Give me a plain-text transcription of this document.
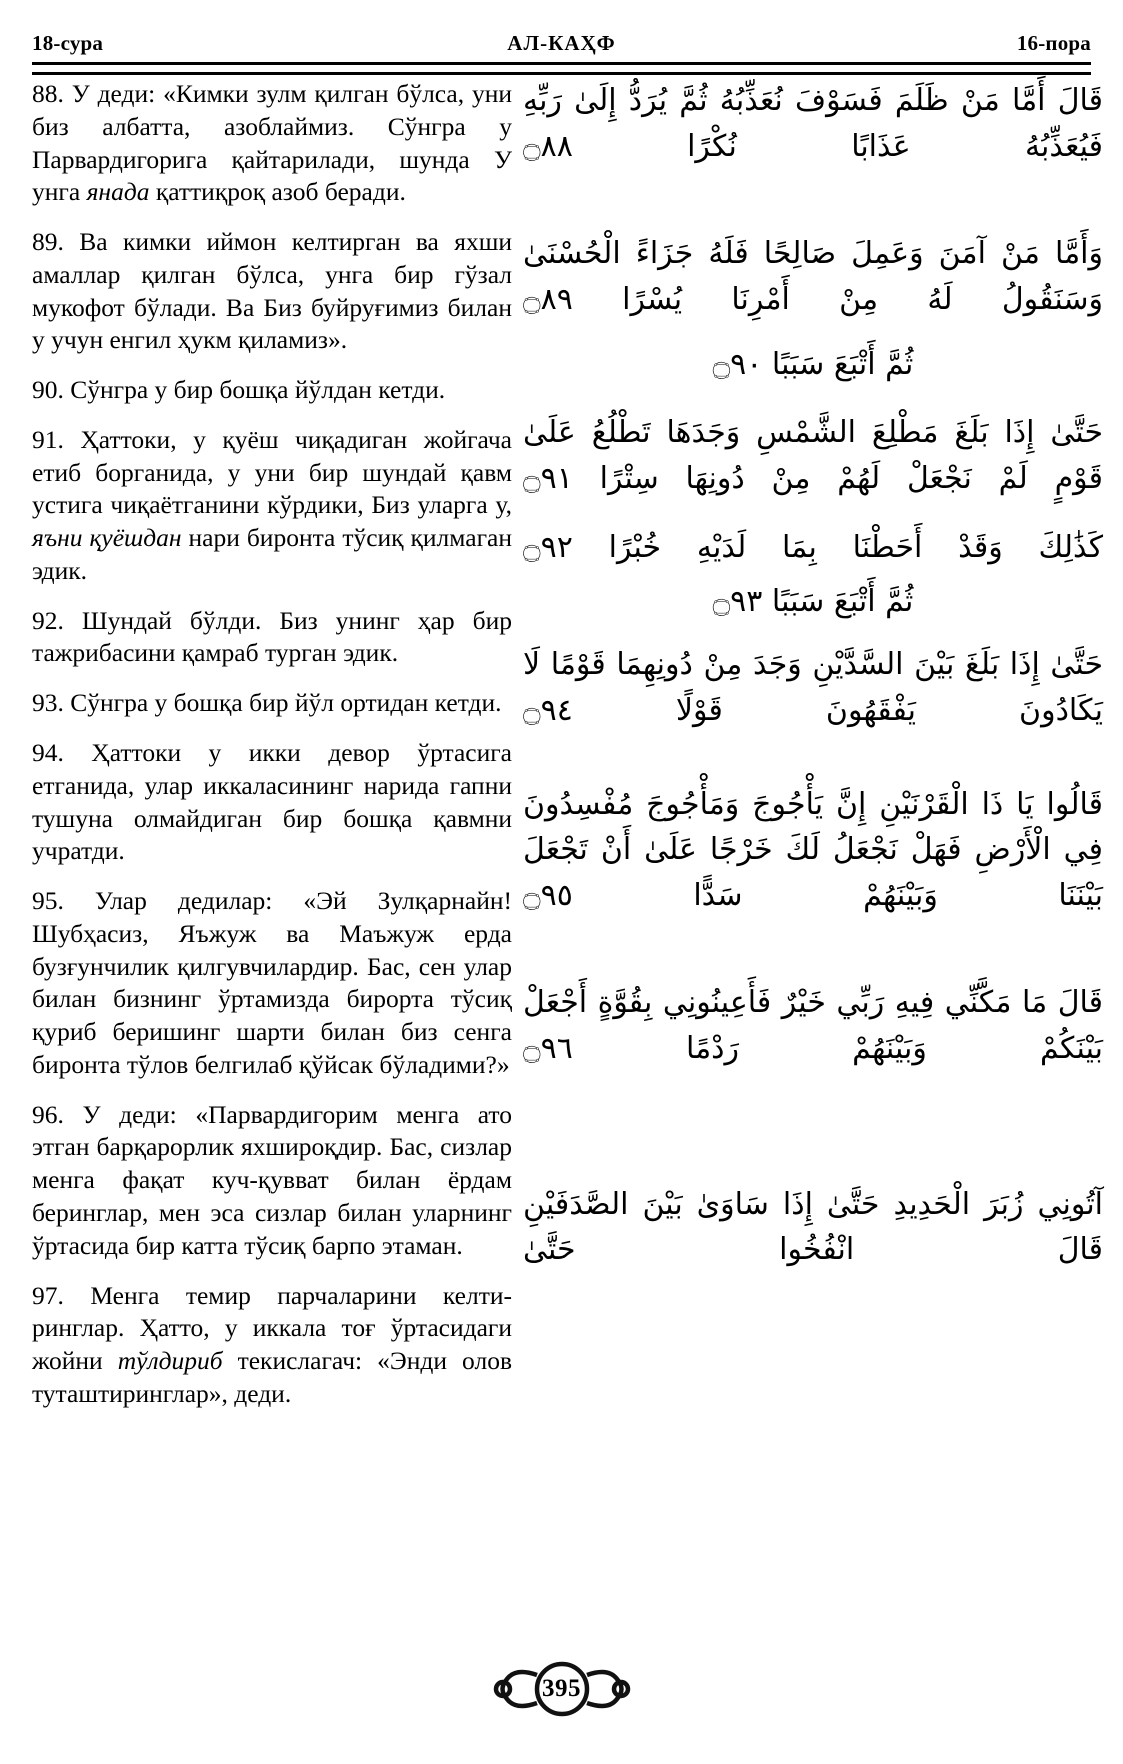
18-сура	АЛ-КАҲФ	16-пора

88. У деди: «Кимки зулм қилган бўлса, уни биз албатта, азоблаймиз. Сўнгра у Парвардигорига қайтарилади, шунда У унга янада қаттиқроқ азоб беради.

89. Ва кимки иймон келтирган ва яхши амаллар қилган бўлса, унга бир гўзал мукофот бўлади. Ва Биз буйруғимиз билан у учун енгил ҳукм қиламиз».

90. Сўнгра у бир бошқа йўлдан кетди.

91. Ҳаттоки, у қуёш чиқадиган жойгача етиб борганида, у уни бир шундай қавм устига чиқаётганини кўрдики, Биз уларга у, яъни қуёшдан нари биронта тўсиқ қилмаган эдик.

92. Шундай бўлди. Биз унинг ҳар бир тажрибасини қамраб турган эдик.

93. Сўнгра у бошқа бир йўл ортидан кетди.

94. Ҳаттоки у икки девор ўртасига етганида, улар иккаласининг нарида гапни тушуна олмайдиган бир бошқа қавмни учратди.

95. Улар дедилар: «Эй Зулқарнайн! Шубҳасиз, Яъжуж ва Маъжуж ерда бузғунчилик қилгувчилардир. Бас, сен улар билан бизнинг ўртамизда бирорта тўсиқ қуриб беришинг шарти билан биз сенга биронта тўлов белгилаб қўйсак бўладими?»

96. У деди: «Парвардигорим менга ато этган барқарорлик яхшироқдир. Бас, сизлар менга фақат куч-қувват билан ёрдам беринглар, мен эса сизлар билан уларнинг ўртасида бир катта тўсиқ барпо этаман.

97. Менга темир парчаларини келтиринглар. Ҳатто, у иккала тоғ ўртасидаги жойни тўлдириб текислагач: «Энди олов туташтиринглар», деди.

قَالَ أَمَّا مَنْ ظَلَمَ فَسَوْفَ نُعَذِّبُهُ ثُمَّ يُرَدُّ إِلَىٰ رَبِّهِ فَيُعَذِّبُهُ عَذَابًا نُكْرًا ۝٨٨

وَأَمَّا مَنْ آمَنَ وَعَمِلَ صَالِحًا فَلَهُ جَزَاءً الْحُسْنَىٰ وَسَنَقُولُ لَهُ مِنْ أَمْرِنَا يُسْرًا ۝٨٩

ثُمَّ أَتْبَعَ سَبَبًا ۝٩٠

حَتَّىٰ إِذَا بَلَغَ مَطْلِعَ الشَّمْسِ وَجَدَهَا تَطْلُعُ عَلَىٰ قَوْمٍ لَمْ نَجْعَلْ لَهُمْ مِنْ دُونِهَا سِتْرًا ۝٩١

كَذَٰلِكَ وَقَدْ أَحَطْنَا بِمَا لَدَيْهِ خُبْرًا ۝٩٢

ثُمَّ أَتْبَعَ سَبَبًا ۝٩٣

حَتَّىٰ إِذَا بَلَغَ بَيْنَ السَّدَّيْنِ وَجَدَ مِنْ دُونِهِمَا قَوْمًا لَا يَكَادُونَ يَفْقَهُونَ قَوْلًا ۝٩٤

قَالُوا يَا ذَا الْقَرْنَيْنِ إِنَّ يَأْجُوجَ وَمَأْجُوجَ مُفْسِدُونَ فِي الْأَرْضِ فَهَلْ نَجْعَلُ لَكَ خَرْجًا عَلَىٰ أَنْ تَجْعَلَ بَيْنَنَا وَبَيْنَهُمْ سَدًّا ۝٩٥

قَالَ مَا مَكَّنِّي فِيهِ رَبِّي خَيْرٌ فَأَعِينُونِي بِقُوَّةٍ أَجْعَلْ بَيْنَكُمْ وَبَيْنَهُمْ رَدْمًا ۝٩٦

آتُونِي زُبَرَ الْحَدِيدِ حَتَّىٰ إِذَا سَاوَىٰ بَيْنَ الصَّدَفَيْنِ قَالَ انْفُخُوا حَتَّىٰ

395
